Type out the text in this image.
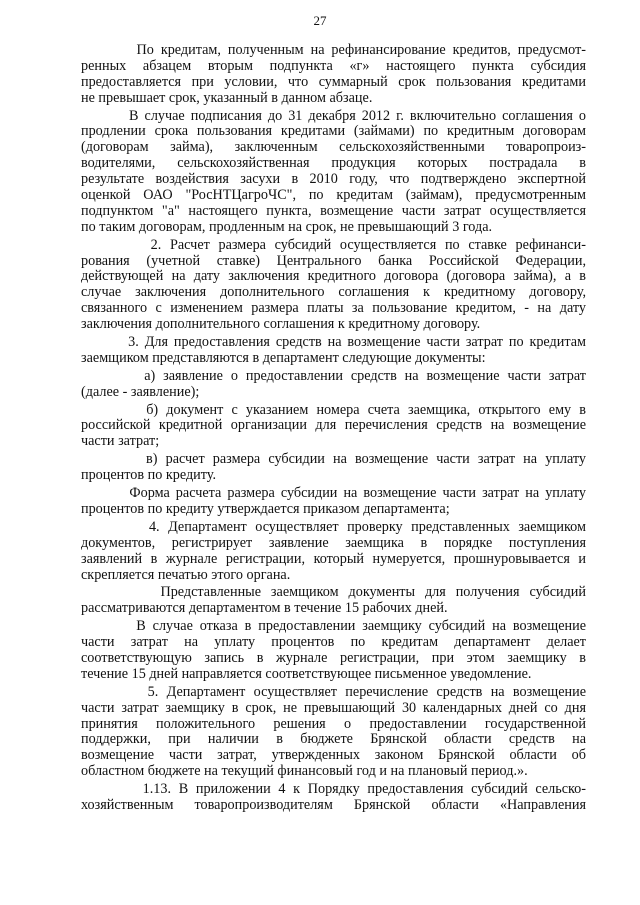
27
По кредитам, полученным на рефинансирование кредитов, предусмот-
ренных абзацем вторым подпункта «г» настоящего пункта субсидия
предоставляется при условии, что суммарный срок пользования кредитами
не превышает срок, указанный в данном абзаце.
В случае подписания до 31 декабря 2012 г. включительно соглашения о
продлении срока пользования кредитами (займами) по кредитным договорам
(договорам займа), заключенным сельскохозяйственными товаропроиз-
водителями, сельскохозяйственная продукция которых пострадала в
результате воздействия засухи в 2010 году, что подтверждено экспертной
оценкой ОАО "РосНТЦагроЧС", по кредитам (займам), предусмотренным
подпунктом "а" настоящего пункта, возмещение части затрат осуществляется
по таким договорам, продленным на срок, не превышающий 3 года.
2. Расчет размера субсидий осуществляется по ставке рефинанси-
рования (учетной ставке) Центрального банка Российской Федерации,
действующей на дату заключения кредитного договора (договора займа), а в
случае заключения дополнительного соглашения к кредитному договору,
связанного с изменением размера платы за пользование кредитом, - на дату
заключения дополнительного соглашения к кредитному договору.
3. Для предоставления средств на возмещение части затрат по кредитам
заемщиком представляются в департамент следующие документы:
а) заявление о предоставлении средств на возмещение части затрат
(далее - заявление);
б) документ с указанием номера счета заемщика, открытого ему в
российской кредитной организации для перечисления средств на возмещение
части затрат;
в) расчет размера субсидии на возмещение части затрат на уплату
процентов по кредиту.
Форма расчета размера субсидии на возмещение части затрат на уплату
процентов по кредиту утверждается приказом департамента;
4. Департамент осуществляет проверку представленных заемщиком
документов, регистрирует заявление заемщика в порядке поступления
заявлений в журнале регистрации, который нумеруется, прошнуровывается и
скрепляется печатью этого органа.
Представленные заемщиком документы для получения субсидий
рассматриваются департаментом в течение 15 рабочих дней.
В случае отказа в предоставлении заемщику субсидий на возмещение
части затрат на уплату процентов по кредитам департамент делает
соответствующую запись в журнале регистрации, при этом заемщику в
течение 15 дней направляется соответствующее письменное уведомление.
5. Департамент осуществляет перечисление средств на возмещение
части затрат заемщику в срок, не превышающий 30 календарных дней со дня
принятия положительного решения о предоставлении государственной
поддержки, при наличии в бюджете Брянской области средств на
возмещение части затрат, утвержденных законом Брянской области об
областном бюджете на текущий финансовый год и на плановый период.».
1.13. В приложении 4 к Порядку предоставления субсидий сельско-
хозяйственным товаропроизводителям Брянской области «Направления
